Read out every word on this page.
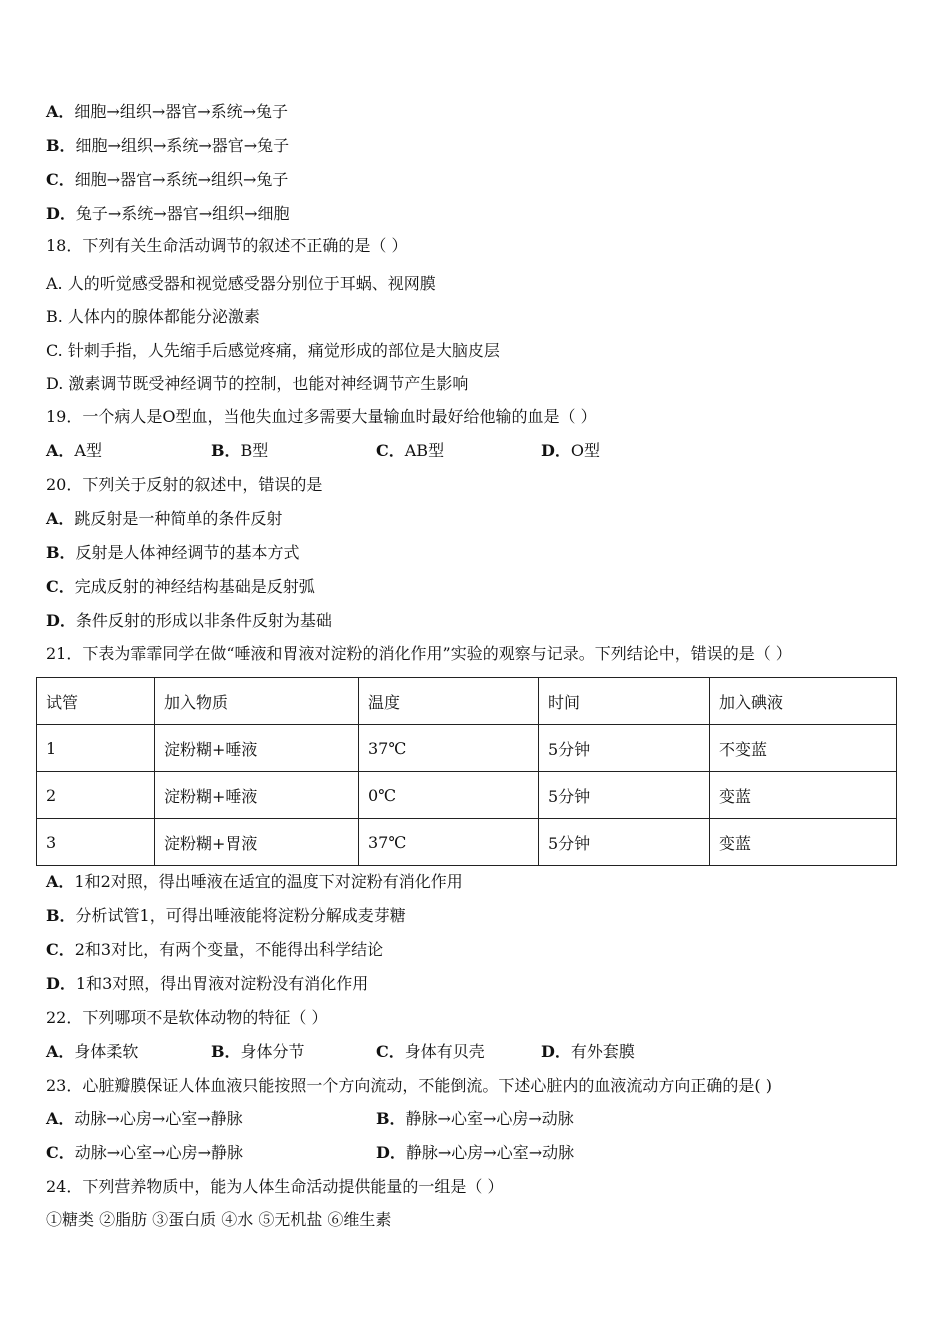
A．细胞→组织→器官→系统→兔子
B．细胞→组织→系统→器官→兔子
C．细胞→器官→系统→组织→兔子
D．兔子→系统→器官→组织→细胞
18．下列有关生命活动调节的叙述不正确的是（ ）
A. 人的听觉感受器和视觉感受器分别位于耳蜗、视网膜
B. 人体内的腺体都能分泌激素
C. 针刺手指，人先缩手后感觉疼痛，痛觉形成的部位是大脑皮层
D. 激素调节既受神经调节的控制，也能对神经调节产生影响
19．一个病人是O型血，当他失血过多需要大量输血时最好给他输的血是（ ）
A．A型	B．B型	C．AB型	D．O型
20．下列关于反射的叙述中，错误的是
A．跳反射是一种简单的条件反射
B．反射是人体神经调节的基本方式
C．完成反射的神经结构基础是反射弧
D．条件反射的形成以非条件反射为基础
21．下表为霏霏同学在做“唾液和胃液对淀粉的消化作用”实验的观察与记录。下列结论中，错误的是（ ）
试管	加入物质	温度	时间	加入碘液
1	淀粉糊+唾液	37℃	5分钟	不变蓝
2	淀粉糊+唾液	0℃	5分钟	变蓝
3	淀粉糊+胃液	37℃	5分钟	变蓝
A．1和2对照，得出唾液在适宜的温度下对淀粉有消化作用
B．分析试管1，可得出唾液能将淀粉分解成麦芽糖
C．2和3对比，有两个变量，不能得出科学结论
D．1和3对照，得出胃液对淀粉没有消化作用
22．下列哪项不是软体动物的特征（ ）
A．身体柔软	B．身体分节	C．身体有贝壳	D．有外套膜
23．心脏瓣膜保证人体血液只能按照一个方向流动，不能倒流。下述心脏内的血液流动方向正确的是( )
A．动脉→心房→心室→静脉	B．静脉→心室→心房→动脉
C．动脉→心室→心房→静脉	D．静脉→心房→心室→动脉
24．下列营养物质中，能为人体生命活动提供能量的一组是（ ）
①糖类 ②脂肪 ③蛋白质 ④水 ⑤无机盐 ⑥维生素
